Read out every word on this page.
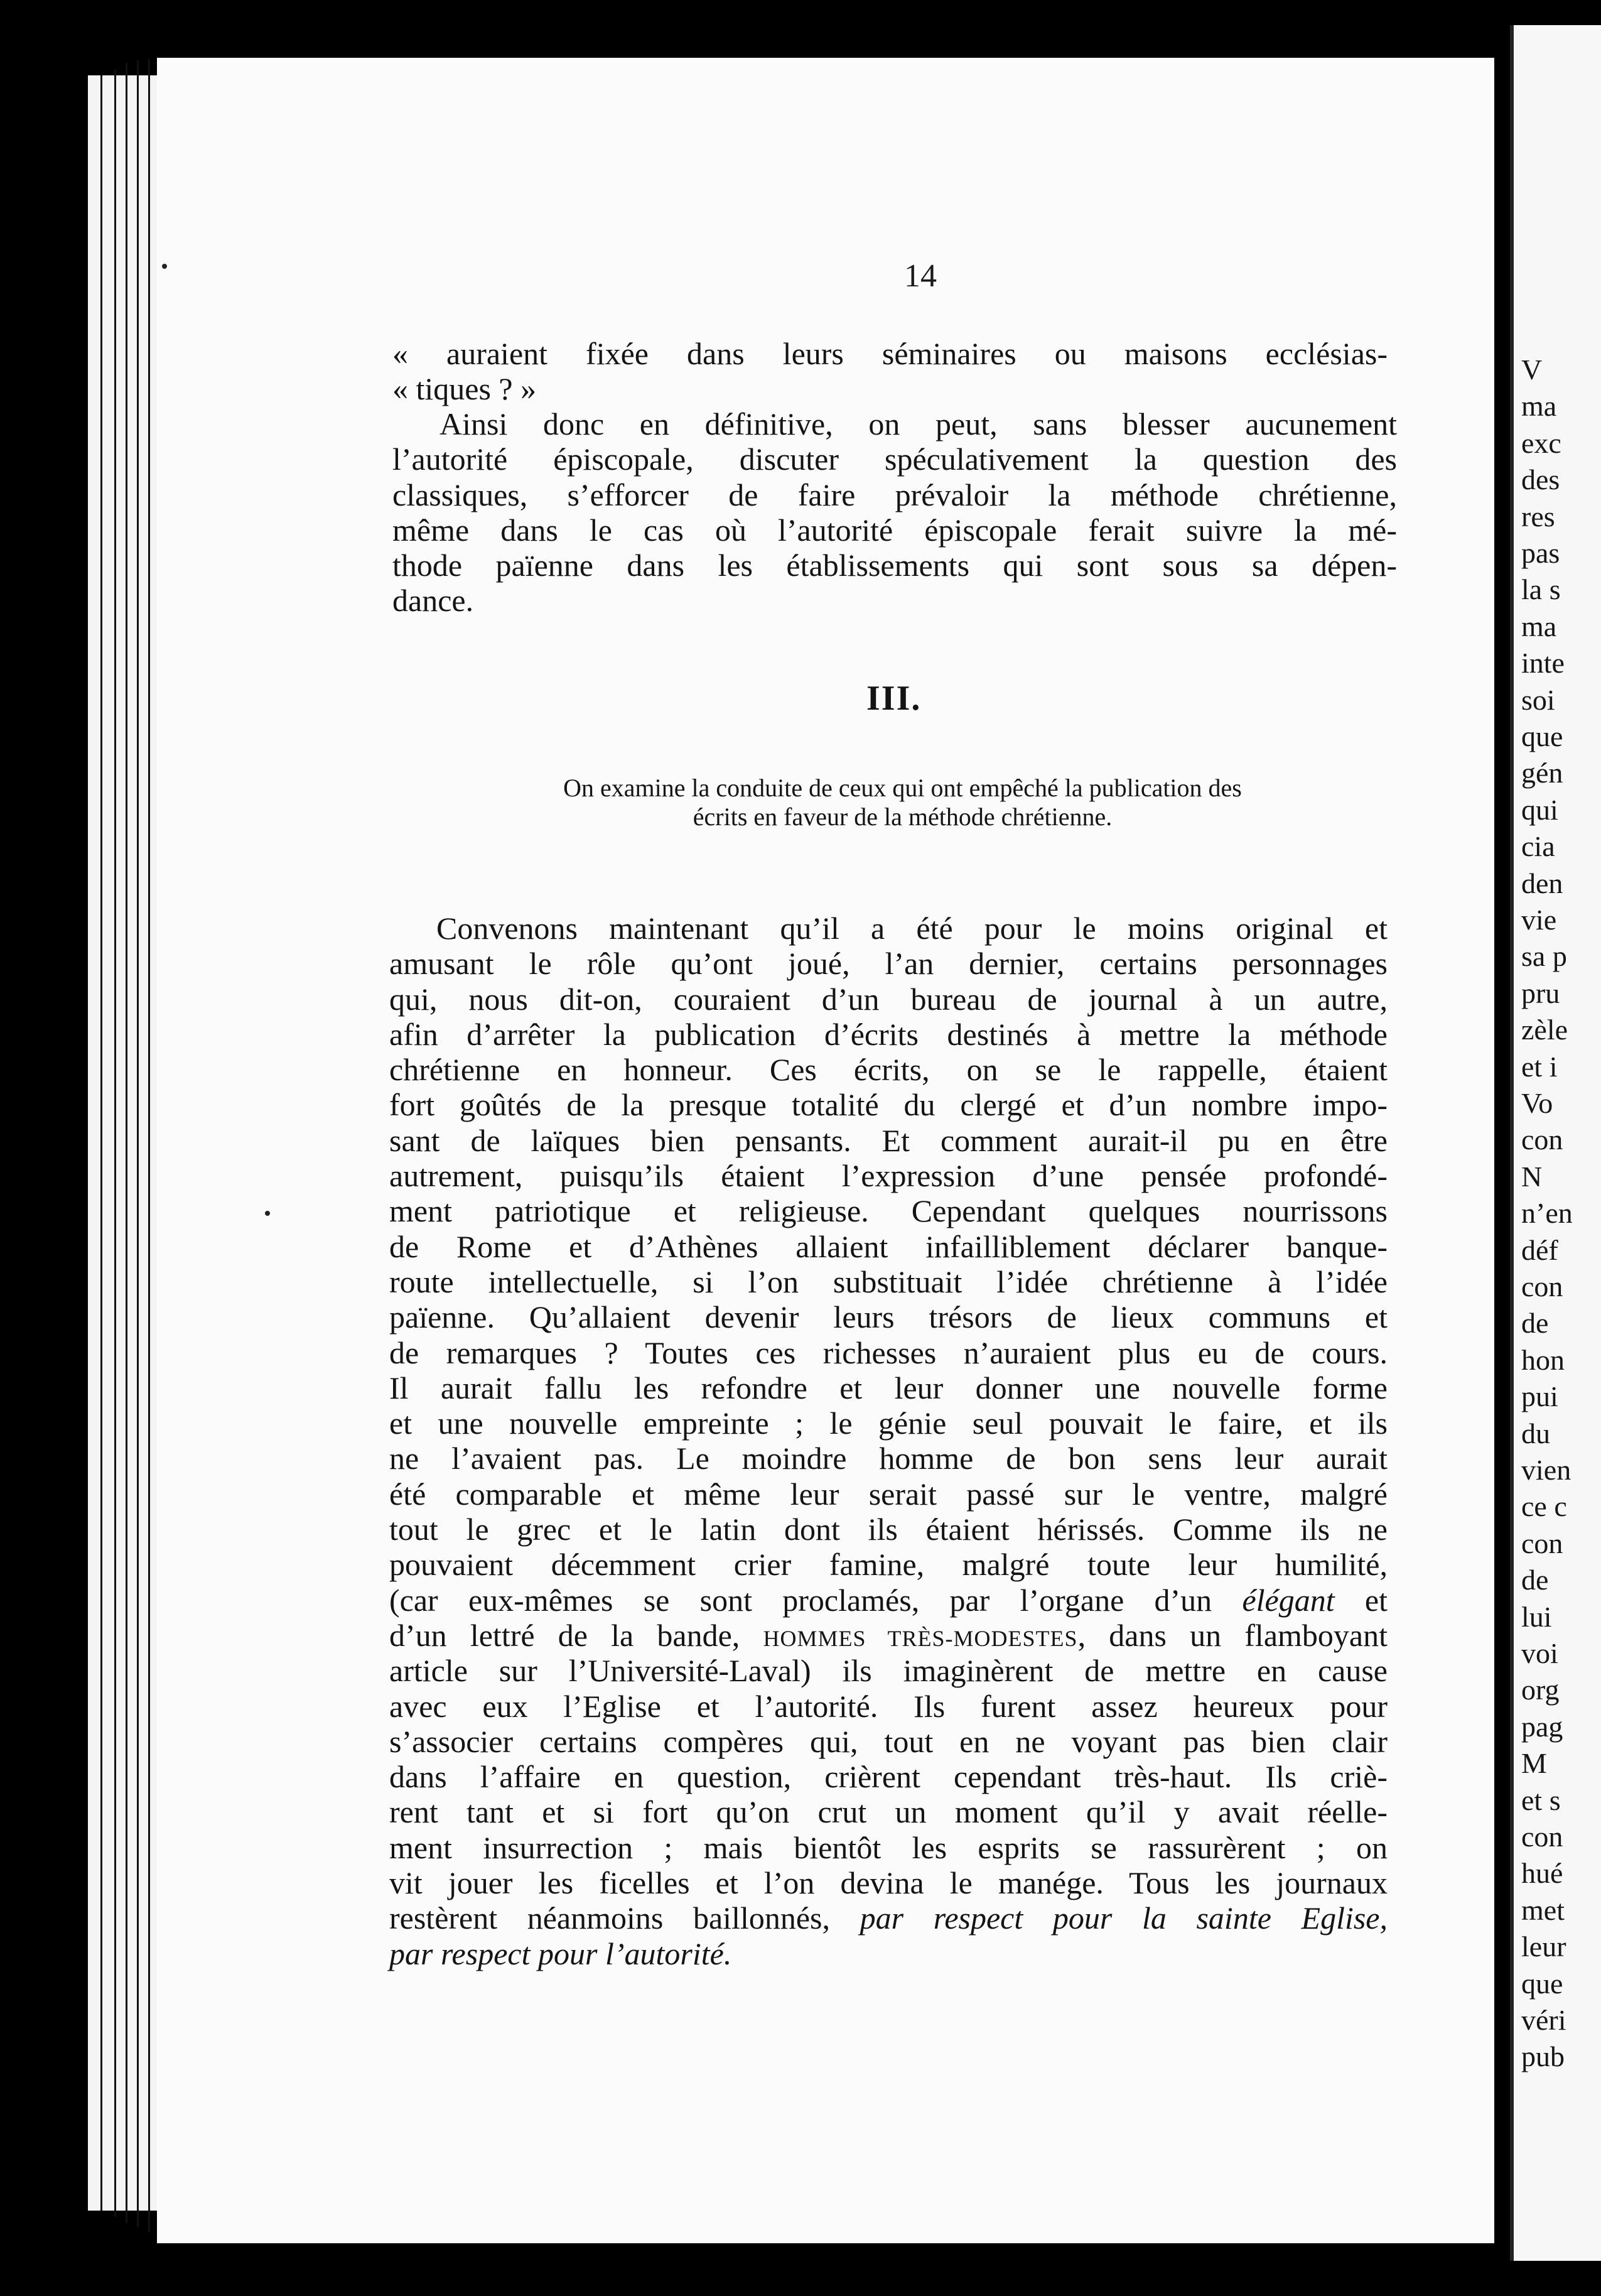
V
ma
exc
des
res
pas
la s
ma
inte
soi
que
gén
qui
cia
den
vie
sa p
pru
zèle
et i
Vo
con
N
n’en
déf
con
de
hon
pui
du
vien
ce c
con
de
lui
voi
org
pag
M
et s
con
hué
met
leur
que
véri
pub
14
« auraient fixée dans leurs séminaires ou maisons ecclésias-
« tiques ? »
Ainsi donc en définitive, on peut, sans blesser aucunement
l’autorité épiscopale, discuter spéculativement la question des
classiques, s’efforcer de faire prévaloir la méthode chrétienne,
même dans le cas où l’autorité épiscopale ferait suivre la mé-
thode païenne dans les établissements qui sont sous sa dépen-
dance.
III.
On examine la conduite de ceux qui ont empêché la publication des
écrits en faveur de la méthode chrétienne.
Convenons maintenant qu’il a été pour le moins original et
amusant le rôle qu’ont joué, l’an dernier, certains personnages
qui, nous dit-on, couraient d’un bureau de journal à un autre,
afin d’arrêter la publication d’écrits destinés à mettre la méthode
chrétienne en honneur. Ces écrits, on se le rappelle, étaient
fort goûtés de la presque totalité du clergé et d’un nombre impo-
sant de laïques bien pensants. Et comment aurait-il pu en être
autrement, puisqu’ils étaient l’expression d’une pensée profondé-
ment patriotique et religieuse. Cependant quelques nourrissons
de Rome et d’Athènes allaient infailliblement déclarer banque-
route intellectuelle, si l’on substituait l’idée chrétienne à l’idée
païenne. Qu’allaient devenir leurs trésors de lieux communs et
de remarques ? Toutes ces richesses n’auraient plus eu de cours.
Il aurait fallu les refondre et leur donner une nouvelle forme
et une nouvelle empreinte ; le génie seul pouvait le faire, et ils
ne l’avaient pas. Le moindre homme de bon sens leur aurait
été comparable et même leur serait passé sur le ventre, malgré
tout le grec et le latin dont ils étaient hérissés. Comme ils ne
pouvaient décemment crier famine, malgré toute leur humilité,
(car eux-mêmes se sont proclamés, par l’organe d’un élégant et
d’un lettré de la bande, HOMMES TRÈS-MODESTES, dans un flamboyant
article sur l’Université-Laval) ils imaginèrent de mettre en cause
avec eux l’Eglise et l’autorité. Ils furent assez heureux pour
s’associer certains compères qui, tout en ne voyant pas bien clair
dans l’affaire en question, crièrent cependant très-haut. Ils criè-
rent tant et si fort qu’on crut un moment qu’il y avait réelle-
ment insurrection ; mais bientôt les esprits se rassurèrent ; on
vit jouer les ficelles et l’on devina le manége. Tous les journaux
restèrent néanmoins baillonnés, par respect pour la sainte Eglise,
par respect pour l’autorité.
